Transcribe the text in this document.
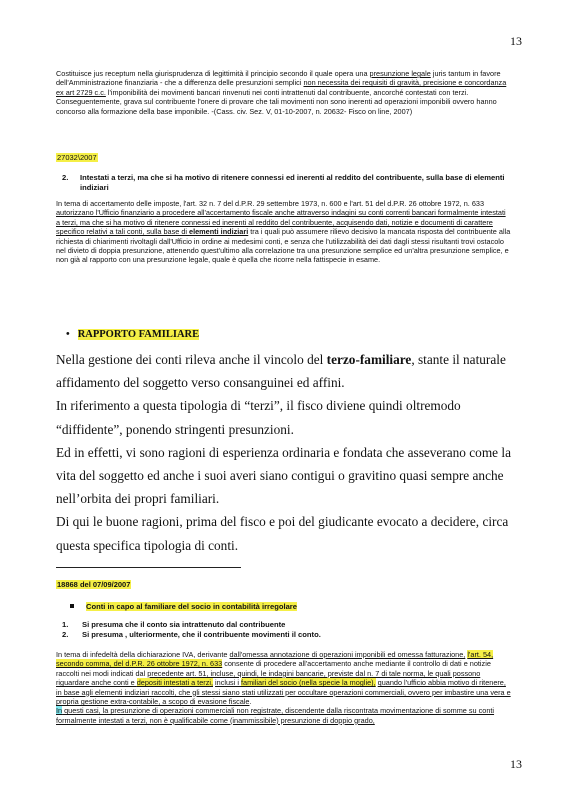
13
Costituisce jus receptum nella giurisprudenza di legittimità il principio secondo il quale opera una presunzione legale juris tantum in favore dell'Amministrazione finanziaria - che a differenza delle presunzioni semplici non necessita dei requisiti di gravità, precisione e concordanza ex art 2729 c.c. l'imponibilità dei movimenti bancari rinvenuti nei conti intrattenuti dal contribuente, ancorché contestati con terzi. Conseguentemente, grava sul contribuente l'onere di provare che tali movimenti non sono inerenti ad operazioni imponibili ovvero hanno concorso alla formazione della base imponibile. -(Cass. civ. Sez. V, 01-10-2007, n. 20632- Fisco on line, 2007)
27032\2007
2. Intestati a terzi, ma che si ha motivo di ritenere connessi ed inerenti al reddito del contribuente, sulla base di elementi indiziari
In tema di accertamento delle imposte, l'art. 32 n. 7 del d.P.R. 29 settembre 1973, n. 600 e l'art. 51 del d.P.R. 26 ottobre 1972, n. 633 autorizzano l'Ufficio finanziario a procedere all'accertamento fiscale anche attraverso indagini su conti correnti bancari formalmente intestati a terzi, ma che si ha motivo di ritenere connessi ed inerenti al reddito del contribuente, acquisendo dati, notizie e documenti di carattere specifico relativi a tali conti, sulla base di elementi indiziari tra i quali può assumere rilievo decisivo la mancata risposta del contribuente alla richiesta di chiarimenti rivoltagli dall'Ufficio in ordine ai medesimi conti, e senza che l'utilizzabilità dei dati dagli stessi risultanti trovi ostacolo nel divieto di doppia presunzione, attenendo quest'ultimo alla correlazione tra una presunzione semplice ed un'altra presunzione semplice, e non già al rapporto con una presunzione legale, quale è quella che ricorre nella fattispecie in esame.
• RAPPORTO FAMILIARE

Nella gestione dei conti rileva anche il vincolo del terzo-familiare, stante il naturale affidamento del soggetto verso consanguinei ed affini.

In riferimento a questa tipologia di “terzi”, il fisco diviene quindi oltremodo “diffidente”, ponendo stringenti presunzioni.

Ed in effetti, vi sono ragioni di esperienza ordinaria e fondata che asseverano come la vita del soggetto ed anche i suoi averi siano contigui o gravitino quasi sempre anche nell’orbita dei propri familiari.

Di qui le buone ragioni, prima del fisco e poi del giudicante evocato a decidere, circa questa specifica tipologia di conti.

18868 del 07/09/2007
Conti in capo al familiare del socio in contabilità irregolare
1. Si presuma che il conto sia intrattenuto dal contribuente
2. Si presuma , ulteriormente, che il contribuente movimenti il conto.
In tema di infedeltà della dichiarazione IVA, derivante dall'omessa annotazione di operazioni imponibili ed omessa fatturazione, l'art. 54, secondo comma, del d.P.R. 26 ottobre 1972, n. 633 consente di procedere all'accertamento anche mediante il controllo di dati e notizie raccolti nei modi indicati dal precedente art. 51, incluse, quindi, le indagini bancarie, previste dal n. 7 di tale norma, le quali possono riguardare anche conti e depositi intestati a terzi, inclusi i familiari del socio (nella specie la moglie), quando l'ufficio abbia motivo di ritenere, in base agli elementi indiziari raccolti, che gli stessi siano stati utilizzati per occultare operazioni commerciali, ovvero per imbastire una vera e propria gestione extra-contabile, a scopo di evasione fiscale.
In questi casi, la presunzione di operazioni commerciali non registrate, discendente dalla riscontrata movimentazione di somme su conti formalmente intestati a terzi, non è qualificabile come (inammissibile) presunzione di doppio grado,
13
